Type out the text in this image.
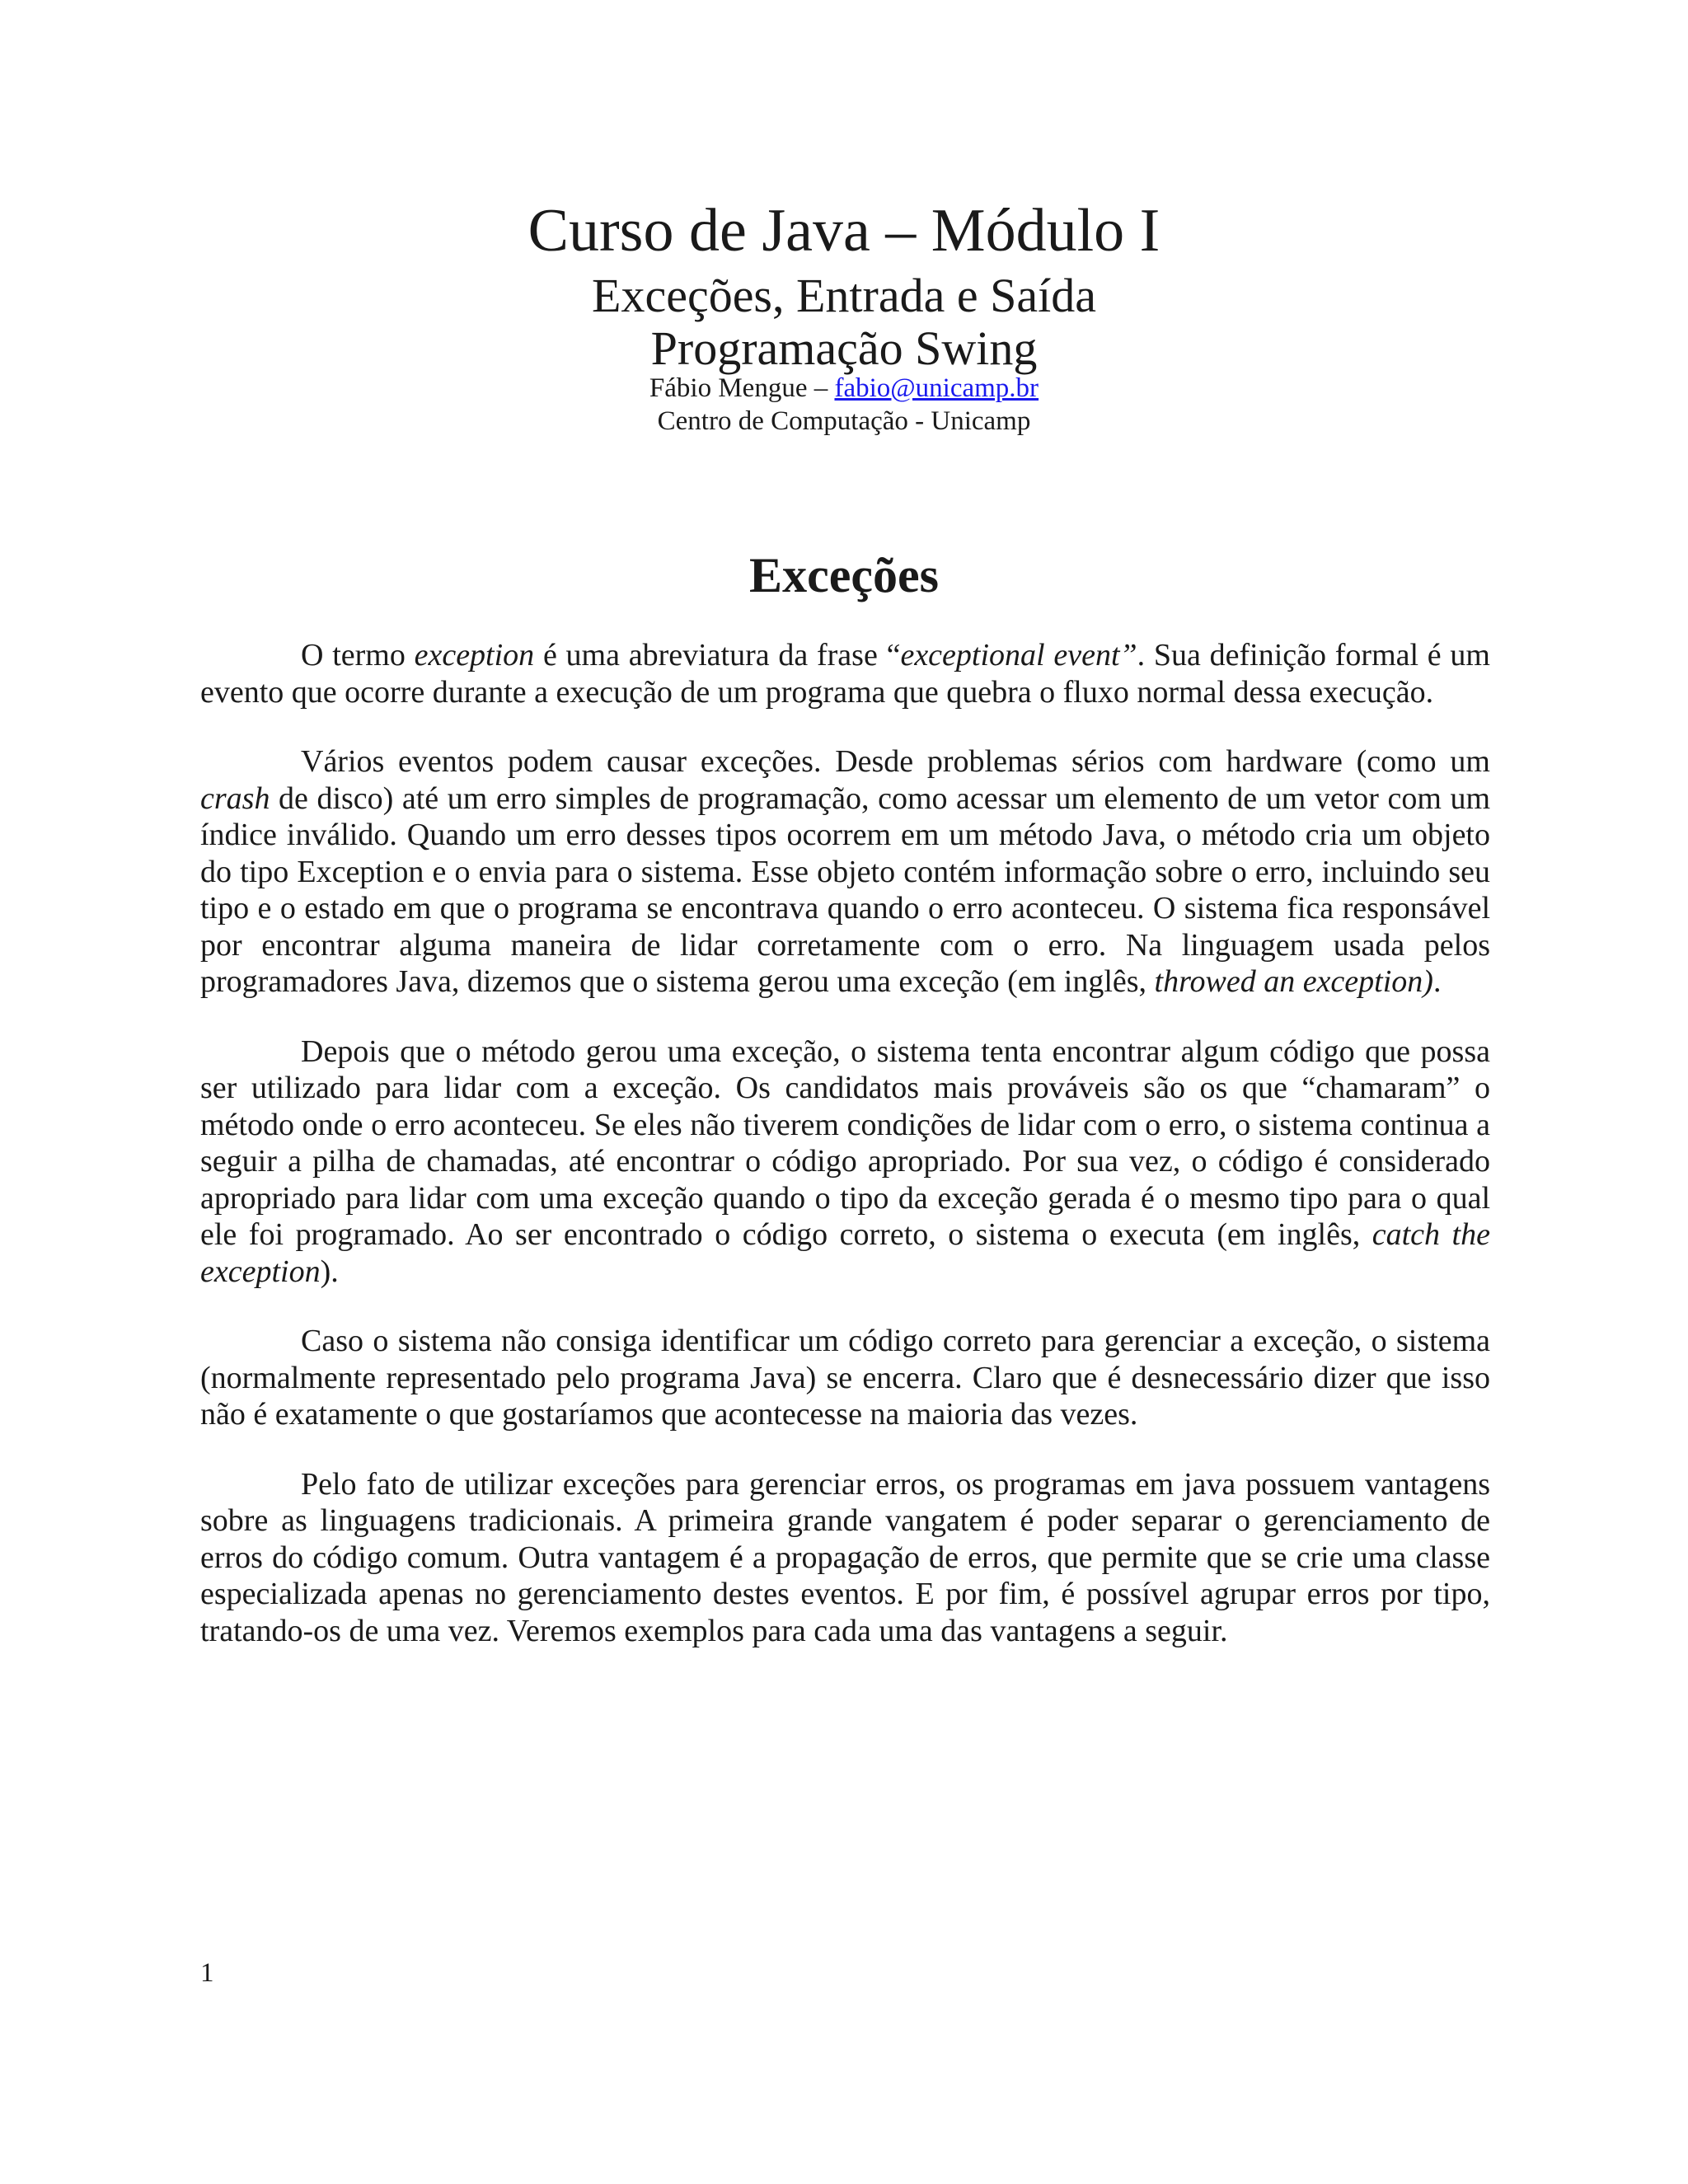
Curso de Java – Módulo I
Exceções, Entrada e Saída
Programação Swing
Fábio Mengue – fabio@unicamp.br
Centro de Computação - Unicamp
Exceções

O termo exception é uma abreviatura da frase “exceptional event”. Sua definição formal é um evento que ocorre durante a execução de um programa que quebra o fluxo normal dessa execução.

Vários eventos podem causar exceções. Desde problemas sérios com hardware (como um crash de disco) até um erro simples de programação, como acessar um elemento de um vetor com um índice inválido. Quando um erro desses tipos ocorrem em um método Java, o método cria um objeto do tipo Exception e o envia para o sistema. Esse objeto contém informação sobre o erro, incluindo seu tipo e o estado em que o programa se encontrava quando o erro aconteceu. O sistema fica responsável por encontrar alguma maneira de lidar corretamente com o erro. Na linguagem usada pelos programadores Java, dizemos que o sistema gerou uma exceção (em inglês, throwed an exception).

Depois que o método gerou uma exceção, o sistema tenta encontrar algum código que possa ser utilizado para lidar com a exceção. Os candidatos mais prováveis são os que “chamaram” o método onde o erro aconteceu. Se eles não tiverem condições de lidar com o erro, o sistema continua a seguir a pilha de chamadas, até encontrar o código apropriado. Por sua vez, o código é considerado apropriado para lidar com uma exceção quando o tipo da exceção gerada é o mesmo tipo para o qual ele foi programado. Ao ser encontrado o código correto, o sistema o executa (em inglês, catch the exception).

Caso o sistema não consiga identificar um código correto para gerenciar a exceção, o sistema (normalmente representado pelo programa Java) se encerra. Claro que é desnecessário dizer que isso não é exatamente o que gostaríamos que acontecesse na maioria das vezes.

Pelo fato de utilizar exceções para gerenciar erros, os programas em java possuem vantagens sobre as linguagens tradicionais. A primeira grande vangatem é poder separar o gerenciamento de erros do código comum. Outra vantagem é a propagação de erros, que permite que se crie uma classe especializada apenas no gerenciamento destes eventos. E por fim, é possível agrupar erros por tipo, tratando-os de uma vez. Veremos exemplos para cada uma das vantagens a seguir.

1
